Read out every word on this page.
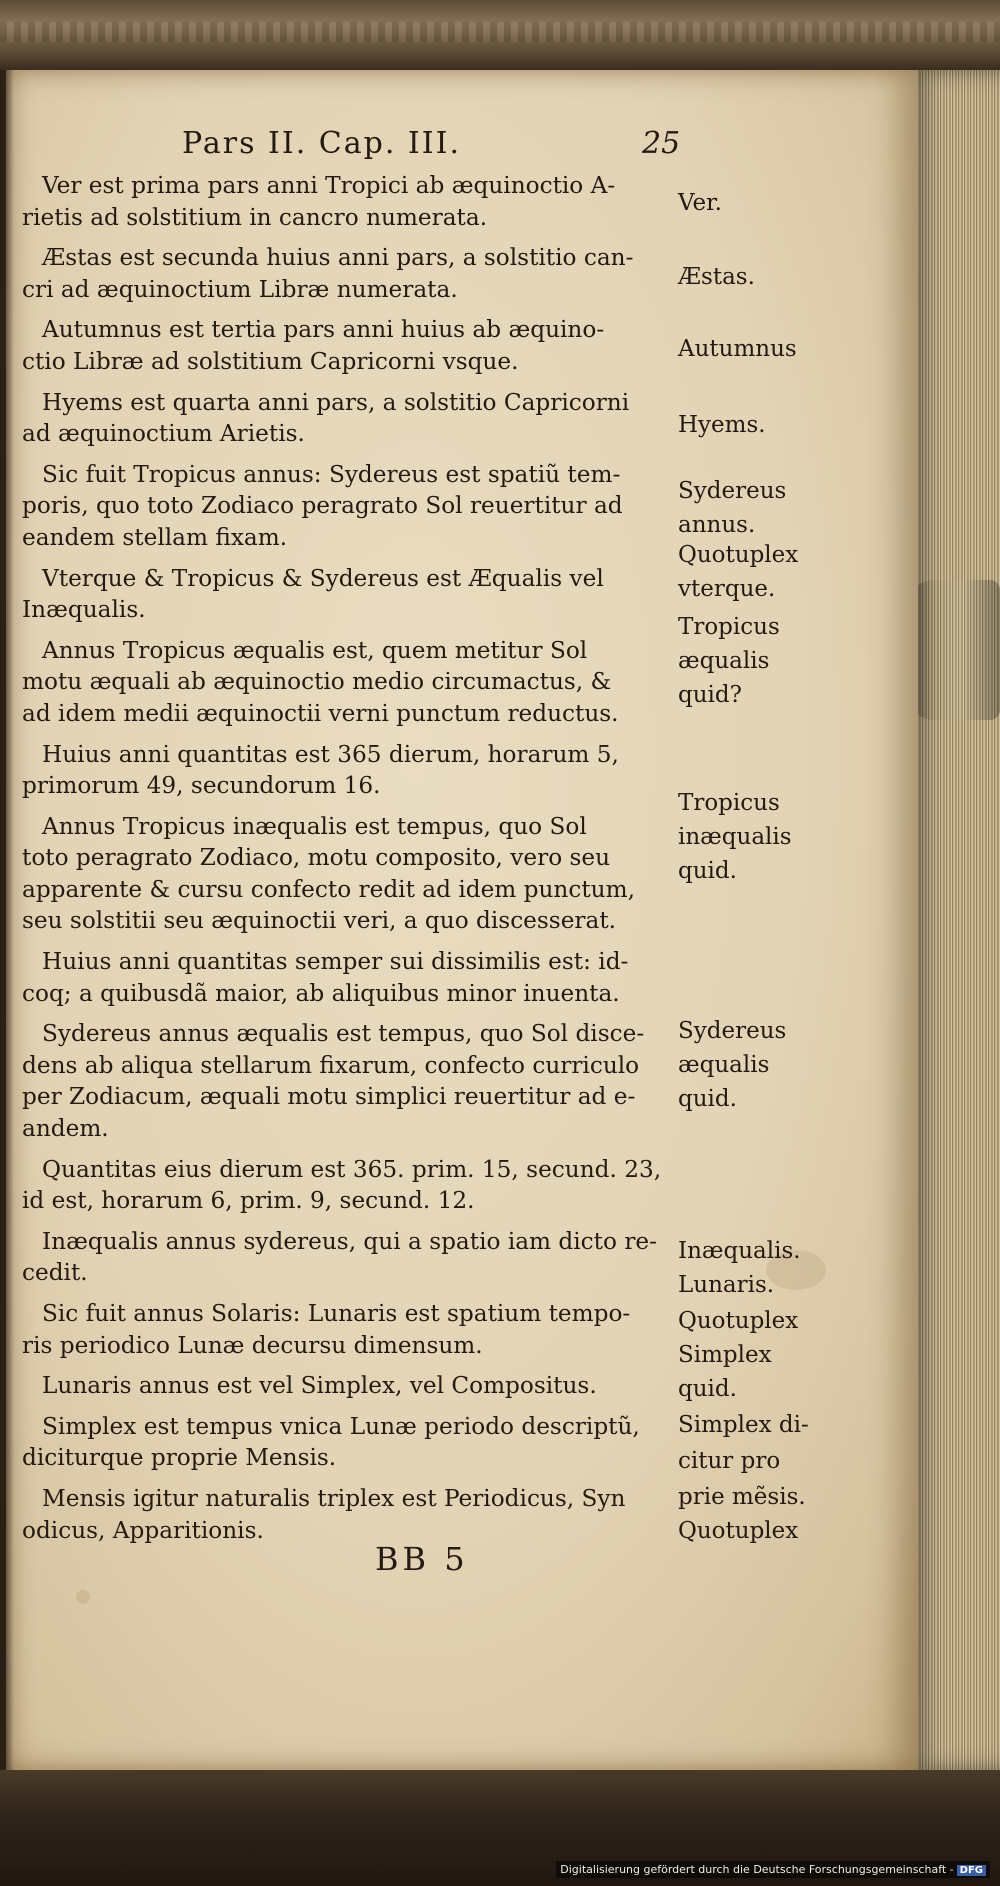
Pars II. Cap. III.	25
Ver est prima pars anni Tropici ab æquinoctio A-
rietis ad solstitium in cancro numerata.
Æstas est secunda huius anni pars, a solstitio can-
cri ad æquinoctium Libræ numerata.
Autumnus est tertia pars anni huius ab æquino-
ctio Libræ ad solstitium Capricorni vsque.
Hyems est quarta anni pars, a solstitio Capricorni
ad æquinoctium Arietis.
Sic fuit Tropicus annus: Sydereus est spatiũ tem-
poris, quo toto Zodiaco peragrato Sol reuertitur ad
eandem stellam fixam.
Vterque & Tropicus & Sydereus est Æqualis vel
Inæqualis.
Annus Tropicus æqualis est, quem metitur Sol
motu æquali ab æquinoctio medio circumactus, &
ad idem medii æquinoctii verni punctum reductus.
Huius anni quantitas est 365 dierum, horarum 5,
primorum 49, secundorum 16.
Annus Tropicus inæqualis est tempus, quo Sol
toto peragrato Zodiaco, motu composito, vero seu
apparente & cursu confecto redit ad idem punctum,
seu solstitii seu æquinoctii veri, a quo discesserat.
Huius anni quantitas semper sui dissimilis est: id-
coq; a quibusdã maior, ab aliquibus minor inuenta.
Sydereus annus æqualis est tempus, quo Sol disce-
dens ab aliqua stellarum fixarum, confecto curriculo
per Zodiacum, æquali motu simplici reuertitur ad e-
andem.
Quantitas eius dierum est 365. prim. 15, secund. 23,
id est, horarum 6, prim. 9, secund. 12.
Inæqualis annus sydereus, qui a spatio iam dicto re-
cedit.
Sic fuit annus Solaris: Lunaris est spatium tempo-
ris periodico Lunæ decursu dimensum.
Lunaris annus est vel Simplex, vel Compositus.
Simplex est tempus vnica Lunæ periodo descriptũ,
diciturque proprie Mensis.
Mensis igitur naturalis triplex est Periodicus, Syn
odicus, Apparitionis.
Ver.
Æstas.
Autumnus
Hyems.
Sydereus
annus.
Quotuplex
vterque.
Tropicus
æqualis
quid?
Tropicus
inæqualis
quid.
Sydereus
æqualis
quid.
Inæqualis.
Lunaris.
Quotuplex
Simplex
quid.
Simplex di-
citur pro
prie mẽsis.
Quotuplex
BB 5
Digitalisierung gefördert durch die Deutsche Forschungsgemeinschaft - DFG
